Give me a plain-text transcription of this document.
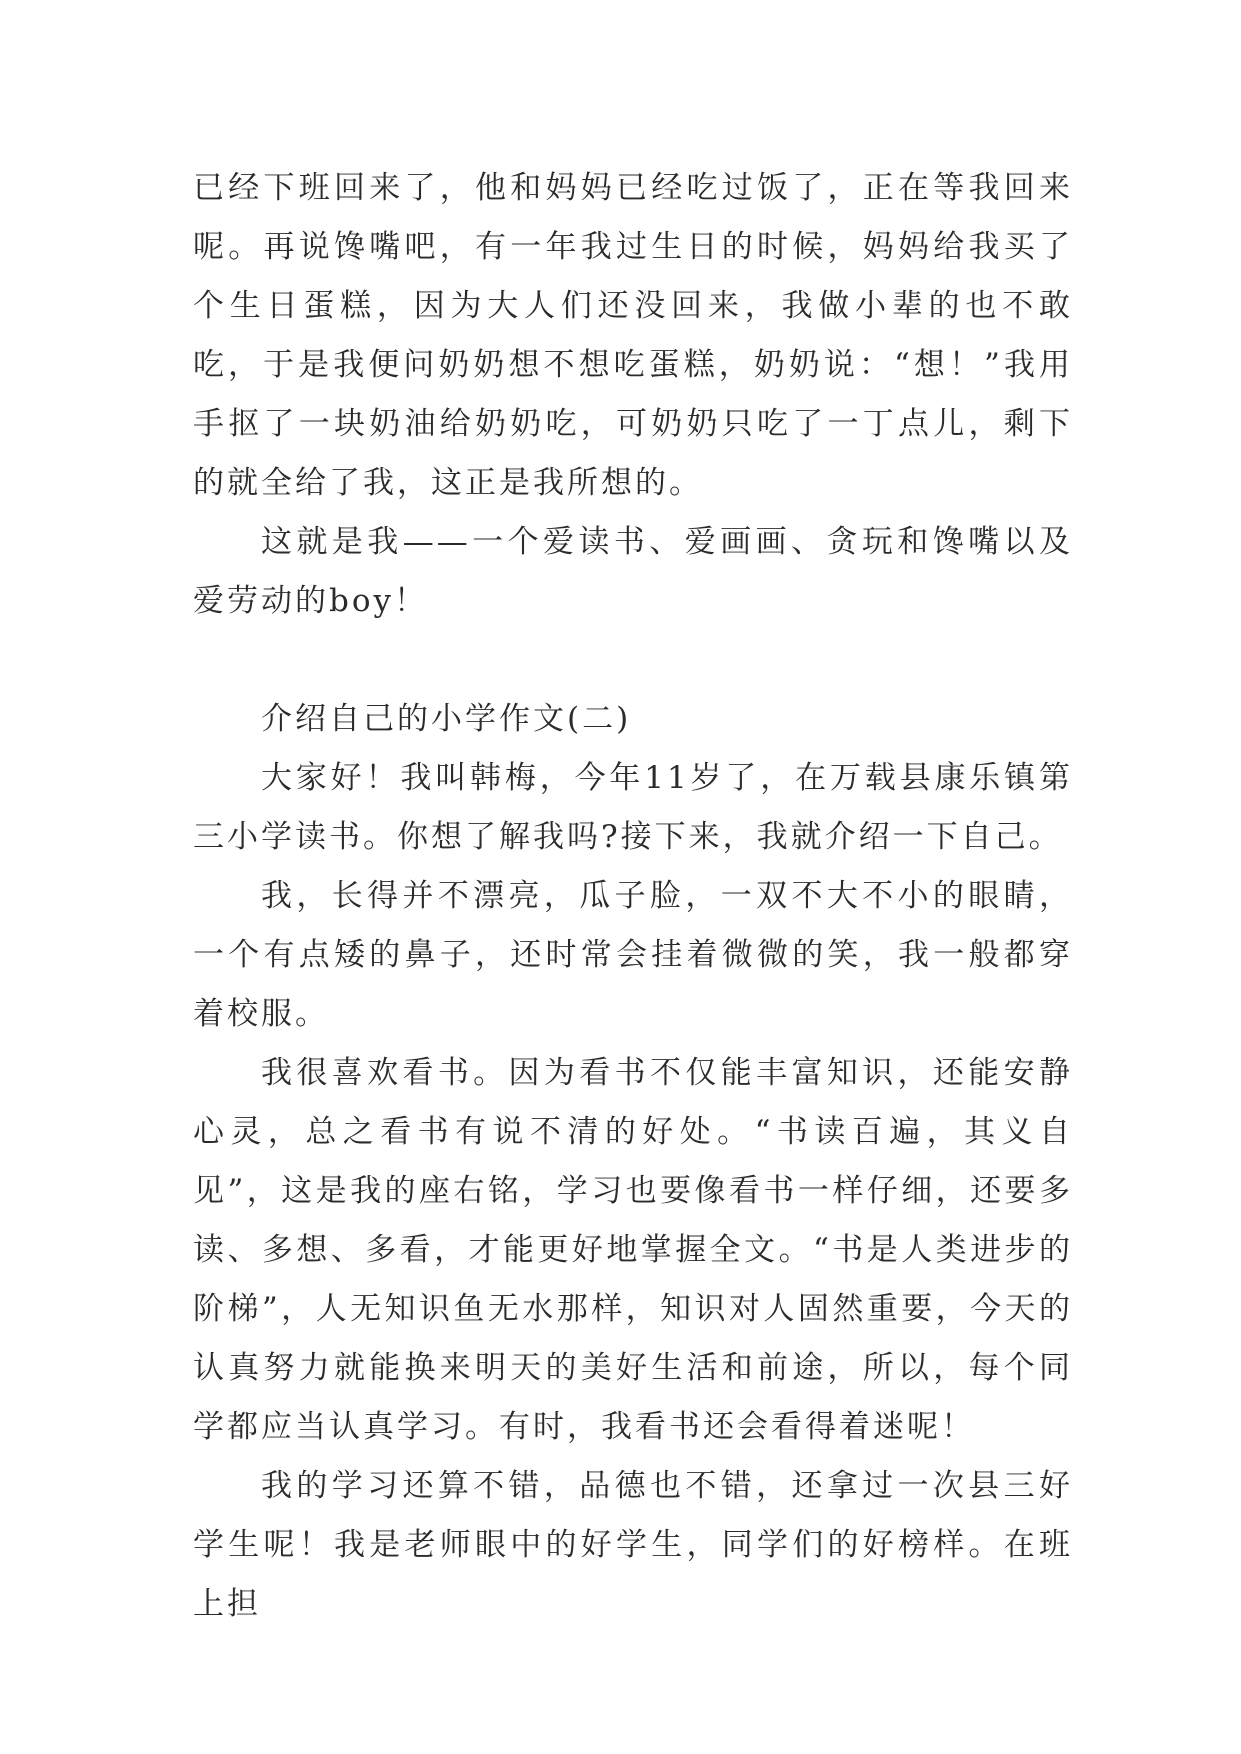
已经下班回来了，他和妈妈已经吃过饭了，正在等我回来呢。再说馋嘴吧，有一年我过生日的时候，妈妈给我买了个生日蛋糕，因为大人们还没回来，我做小辈的也不敢吃，于是我便问奶奶想不想吃蛋糕，奶奶说：“想！”我用手抠了一块奶油给奶奶吃，可奶奶只吃了一丁点儿，剩下的就全给了我，这正是我所想的。

这就是我——一个爱读书、爱画画、贪玩和馋嘴以及爱劳动的boy！

介绍自己的小学作文(二)

大家好！我叫韩梅，今年11岁了，在万载县康乐镇第三小学读书。你想了解我吗?接下来，我就介绍一下自己。

我，长得并不漂亮，瓜子脸，一双不大不小的眼睛，一个有点矮的鼻子，还时常会挂着微微的笑，我一般都穿着校服。

我很喜欢看书。因为看书不仅能丰富知识，还能安静心灵，总之看书有说不清的好处。“书读百遍，其义自见”，这是我的座右铭，学习也要像看书一样仔细，还要多读、多想、多看，才能更好地掌握全文。“书是人类进步的阶梯”，人无知识鱼无水那样，知识对人固然重要，今天的认真努力就能换来明天的美好生活和前途，所以，每个同学都应当认真学习。有时，我看书还会看得着迷呢！

我的学习还算不错，品德也不错，还拿过一次县三好学生呢！我是老师眼中的好学生，同学们的好榜样。在班上担
